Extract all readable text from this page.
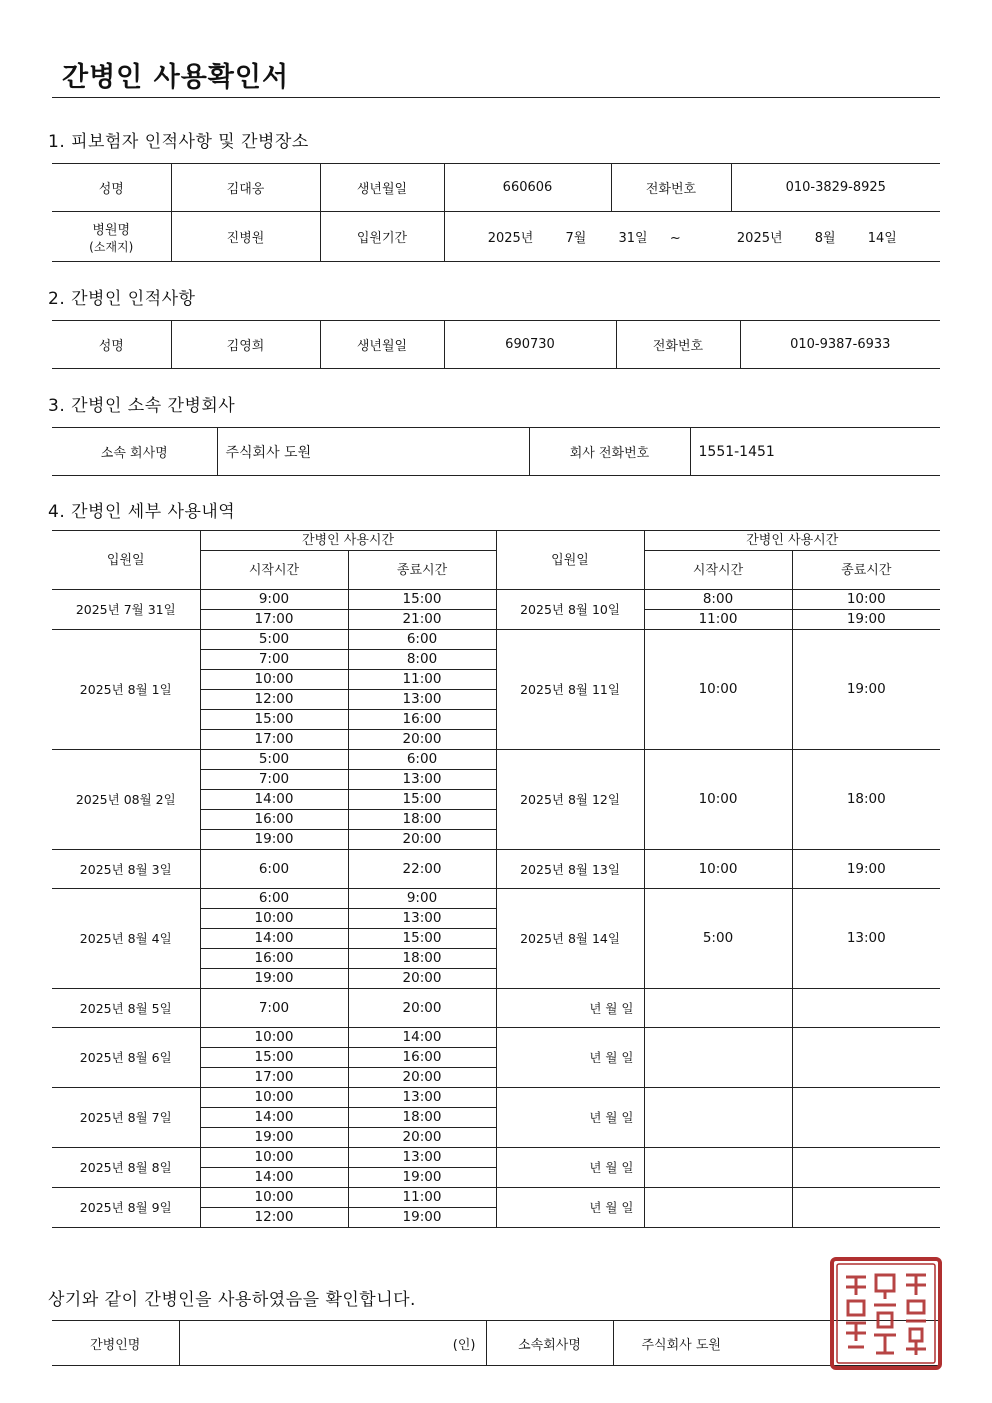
간병인 사용확인서
1. 피보험자 인적사항 및 간병장소
성명	김대웅	생년월일	660606	전화번호	010-3829-8925

병원명
(소재지)	진병원	입원기간	2025년 7월 31일 ~ 2025년 8월 14일		
2. 간병인 인적사항
성명	김영희	생년월일	690730	전화번호	010-9387-6933
3. 간병인 소속 간병회사
소속 회사명	주식회사 도원	회사 전화번호	1551-1451
4. 간병인 세부 사용내역
입원일	간병인 사용시간		입원일	간병인 사용시간	
	시작시간	종료시간		시작시간	종료시간
2025년 7월 31일	9:00	15:00	2025년 8월 10일	8:00	10:00
	17:00	21:00		11:00	19:00
2025년 8월 1일	5:00	6:00	2025년 8월 11일	10:00	19:00
	7:00	8:00			
	10:00	11:00			
	12:00	13:00			
	15:00	16:00			
	17:00	20:00			
2025년 08월 2일	5:00	6:00	2025년 8월 12일	10:00	18:00
	7:00	13:00			
	14:00	15:00			
	16:00	18:00			
	19:00	20:00			
2025년 8월 3일	6:00	22:00	2025년 8월 13일	10:00	19:00
2025년 8월 4일	6:00	9:00	2025년 8월 14일	5:00	13:00
	10:00	13:00			
	14:00	15:00			
	16:00	18:00			
	19:00	20:00			
2025년 8월 5일	7:00	20:00	년 월 일		
2025년 8월 6일	10:00	14:00	년 월 일		
	15:00	16:00			
	17:00	20:00			
2025년 8월 7일	10:00	13:00	년 월 일		
	14:00	18:00			
	19:00	20:00			
2025년 8월 8일	10:00	13:00	년 월 일		
	14:00	19:00			
2025년 8월 9일	10:00	11:00	년 월 일		
	12:00	19:00			
상기와 같이 간병인을 사용하였음을 확인합니다.
간병인명	(인)	소속회사명	주식회사 도원
